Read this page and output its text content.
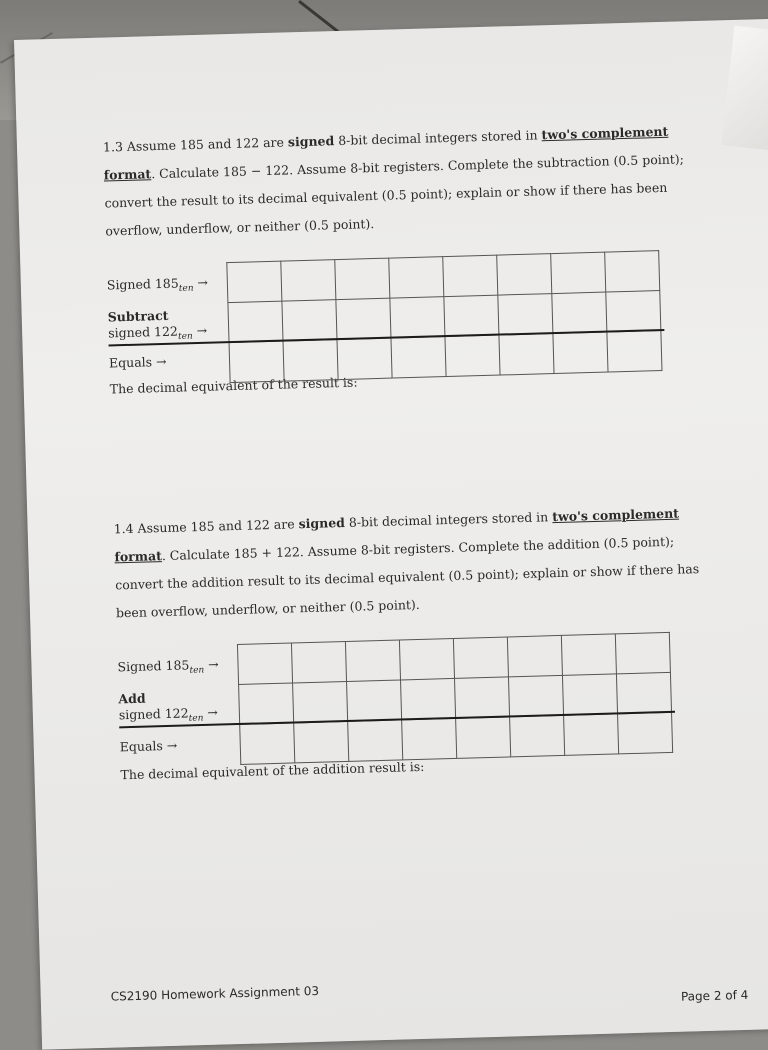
1.3 Assume 185 and 122 are signed 8-bit decimal integers stored in two's complement format. Calculate 185 − 122. Assume 8-bit registers. Complete the subtraction (0.5 point); convert the result to its decimal equivalent (0.5 point); explain or show if there has been overflow, underflow, or neither (0.5 point).

Signed $185_{ten}$ →
Subtract
signed $122_{ten}$ →
Equals →
The decimal equivalent of the result is:

1.4 Assume 185 and 122 are signed 8-bit decimal integers stored in two's complement format. Calculate 185 + 122. Assume 8-bit registers. Complete the addition (0.5 point); convert the addition result to its decimal equivalent (0.5 point); explain or show if there has been overflow, underflow, or neither (0.5 point).

Signed $185_{ten}$ →
Add
signed $122_{ten}$ →
Equals →
The decimal equivalent of the addition result is:

CS2190 Homework Assignment 03	Page 2 of 4
